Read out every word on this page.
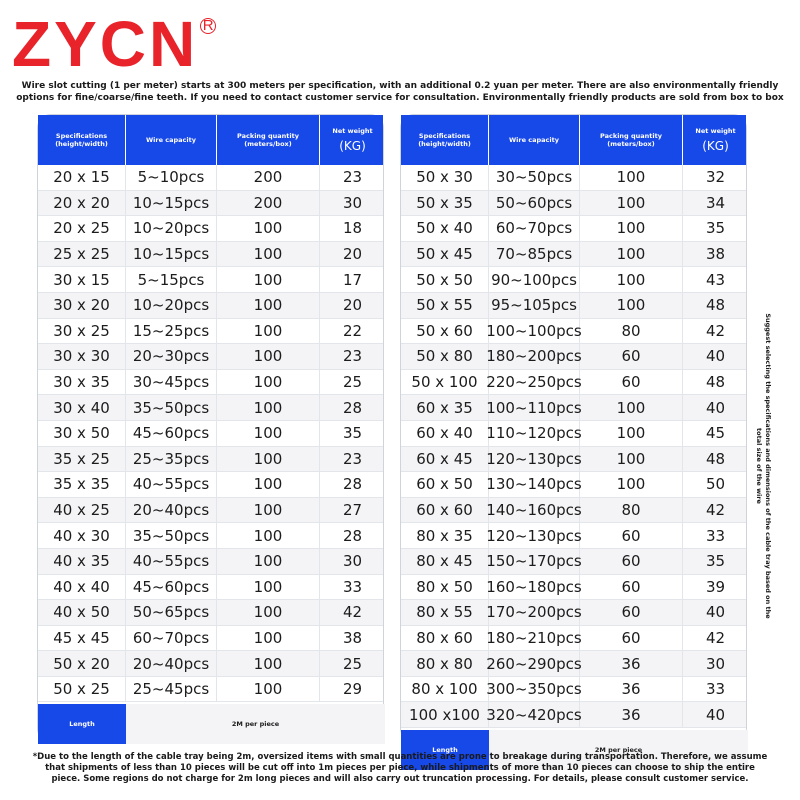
ZYCN R
Wire slot cutting (1 per meter) starts at 300 meters per specification, with an additional 0.2 yuan per meter. There are also environmentally friendly options for fine/coarse/fine teeth. If you need to contact customer service for consultation. Environmentally friendly products are sold from box to box
Specifications (height/width)	Wire capacity	Packing quantity (meters/box)
Net weight
(KG)
20 x 15	5~10pcs	200	23
20 x 20	10~15pcs	200	30
20 x 25	10~20pcs	100	18
25 x 25	10~15pcs	100	20
30 x 15	5~15pcs	100	17
30 x 20	10~20pcs	100	20
30 x 25	15~25pcs	100	22
30 x 30	20~30pcs	100	23
30 x 35	30~45pcs	100	25
30 x 40	35~50pcs	100	28
30 x 50	45~60pcs	100	35
35 x 25	25~35pcs	100	23
35 x 35	40~55pcs	100	28
40 x 25	20~40pcs	100	27
40 x 30	35~50pcs	100	28
40 x 35	40~55pcs	100	30
40 x 40	45~60pcs	100	33
40 x 50	50~65pcs	100	42
45 x 45	60~70pcs	100	38
50 x 20	20~40pcs	100	25
50 x 25	25~45pcs	100	29
Length	2M per piece
Specifications (height/width)	Wire capacity	Packing quantity (meters/box)
Net weight
(KG)
50 x 30	30~50pcs	100	32
50 x 35	50~60pcs	100	34
50 x 40	60~70pcs	100	35
50 x 45	70~85pcs	100	38
50 x 50	90~100pcs	100	43
50 x 55	95~105pcs	100	48
50 x 60 100~100pcs	80	42
50 x 80 180~200pcs	60	40
50 x 100 220~250pcs	60	48
60 x 35 100~110pcs	100	40
60 x 40 110~120pcs	100	45
60 x 45 120~130pcs	100	48
60 x 50 130~140pcs	100	50
60 x 60 140~160pcs	80	42
80 x 35 120~130pcs	60	33
80 x 45 150~170pcs	60	35
80 x 50 160~180pcs	60	39
80 x 55 170~200pcs	60	40
80 x 60 180~210pcs	60	42
80 x 80 260~290pcs	36	30
80 x 100 300~350pcs	36	33
100 x100 320~420pcs	36	40
Length	2M per piece
Suggest selecting the specifications and dimensions of the cable tray based on the total size of the wire
*Due to the length of the cable tray being 2m, oversized items with small quantities are prone to breakage during transportation. Therefore, we assume that shipments of less than 10 pieces will be cut off into 1m pieces per piece, while shipments of more than 10 pieces can choose to ship the entire piece. Some regions do not charge for 2m long pieces and will also carry out truncation processing. For details, please consult customer service.
